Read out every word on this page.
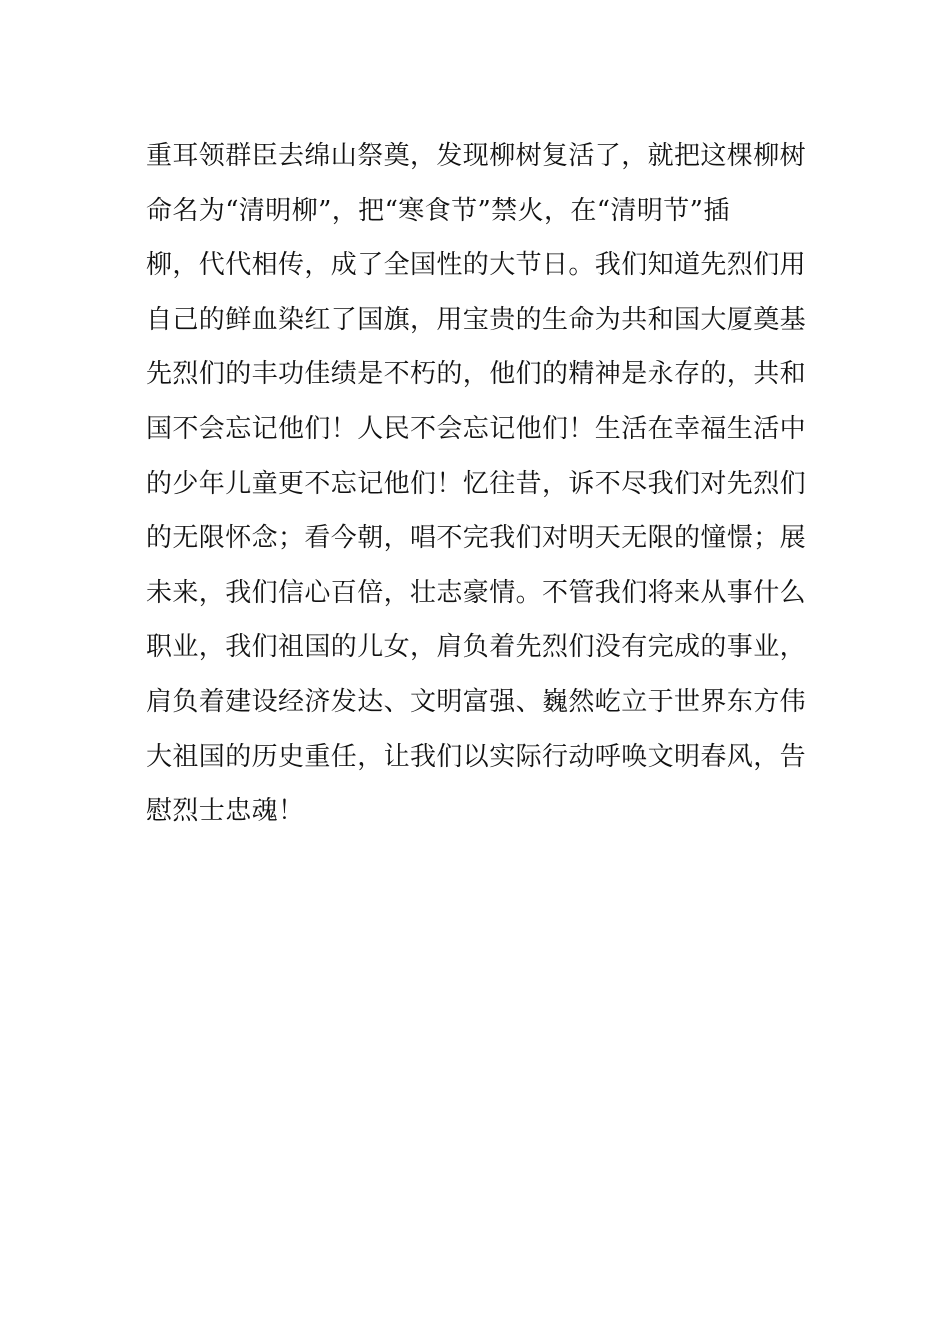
重耳领群臣去绵山祭奠，发现柳树复活了，就把这棵柳树
命名为“清明柳”，把“寒食节”禁火，在“清明节”插
柳，代代相传，成了全国性的大节日。我们知道先烈们用
自己的鲜血染红了国旗，用宝贵的生命为共和国大厦奠基
先烈们的丰功佳绩是不朽的，他们的精神是永存的，共和
国不会忘记他们！人民不会忘记他们！生活在幸福生活中
的少年儿童更不忘记他们！忆往昔，诉不尽我们对先烈们
的无限怀念；看今朝，唱不完我们对明天无限的憧憬；展
未来，我们信心百倍，壮志豪情。不管我们将来从事什么
职业，我们祖国的儿女，肩负着先烈们没有完成的事业，
肩负着建设经济发达、文明富强、巍然屹立于世界东方伟
大祖国的历史重任，让我们以实际行动呼唤文明春风，告
慰烈士忠魂！
